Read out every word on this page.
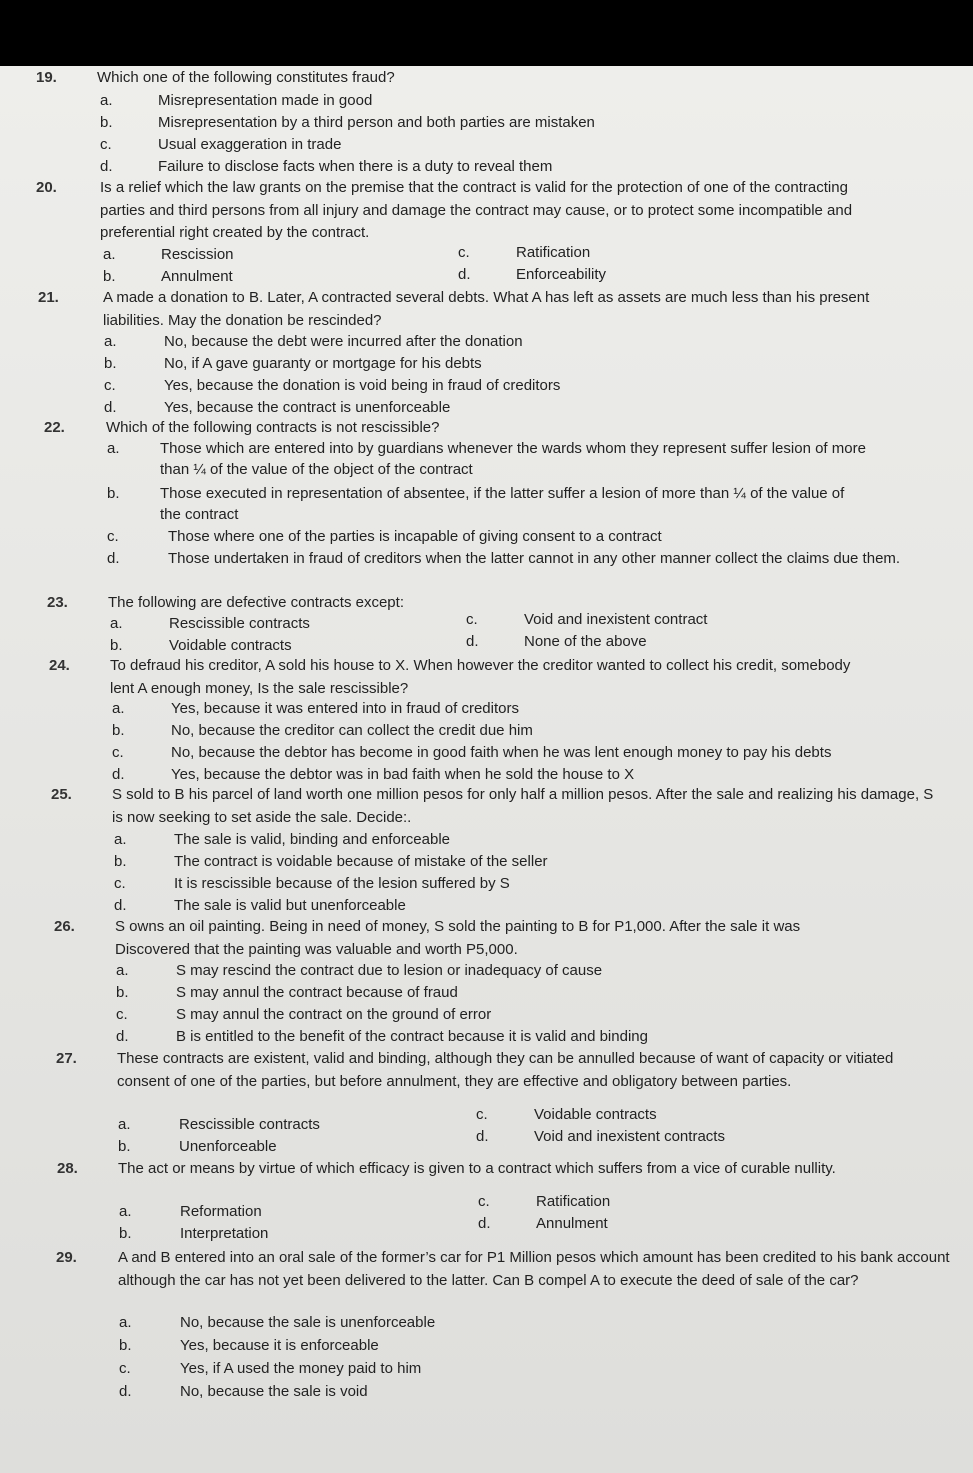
19.	Which one of the following constitutes fraud?
a.	Misrepresentation made in good
b.	Misrepresentation by a third person and both parties are mistaken
c.	Usual exaggeration in trade
d.	Failure to disclose facts when there is a duty to reveal them
20.	Is a relief which the law grants on the premise that the contract is valid for the protection of one of the contracting parties and third persons from all injury and damage the contract may cause, or to protect some incompatible and preferential right created by the contract.
a.	Rescission
b.	Annulment
c.	Ratification
d.	Enforceability
21.	A made a donation to B. Later, A contracted several debts. What A has left as assets are much less than his present liabilities. May the donation be rescinded?
a.	No, because the debt were incurred after the donation
b.	No, if A gave guaranty or mortgage for his debts
c.	Yes, because the donation is void being in fraud of creditors
d.	Yes, because the contract is unenforceable
22.	Which of the following contracts is not rescissible?
a.	Those which are entered into by guardians whenever the wards whom they represent suffer lesion of more than ¼ of the value of the object of the contract
b.	Those executed in representation of absentee, if the latter suffer a lesion of more than ¼ of the value of the contract
c.	Those where one of the parties is incapable of giving consent to a contract
d.	Those undertaken in fraud of creditors when the latter cannot in any other manner collect the claims due them.
23.	The following are defective contracts except:
a.	Rescissible contracts
b.	Voidable contracts
c.	Void and inexistent contract
d.	None of the above
24.	To defraud his creditor, A sold his house to X. When however the creditor wanted to collect his credit, somebody lent A enough money, Is the sale rescissible?
a.	Yes, because it was entered into in fraud of creditors
b.	No, because the creditor can collect the credit due him
c.	No, because the debtor has become in good faith when he was lent enough money to pay his debts
d.	Yes, because the debtor was in bad faith when he sold the house to X
25.	S sold to B his parcel of land worth one million pesos for only half a million pesos. After the sale and realizing his damage, S is now seeking to set aside the sale. Decide:.
a.	The sale is valid, binding and enforceable
b.	The contract is voidable because of mistake of the seller
c.	It is rescissible because of the lesion suffered by S
d.	The sale is valid but unenforceable
26.	S owns an oil painting. Being in need of money, S sold the painting to B for P1,000. After the sale it was Discovered that the painting was valuable and worth P5,000.
a.	S may rescind the contract due to lesion or inadequacy of cause
b.	S may annul the contract because of fraud
c.	S may annul the contract on the ground of error
d.	B is entitled to the benefit of the contract because it is valid and binding
27.	These contracts are existent, valid and binding, although they can be annulled because of want of capacity or vitiated consent of one of the parties, but before annulment, they are effective and obligatory between parties.
a.	Rescissible contracts
b.	Unenforceable
c.	Voidable contracts
d.	Void and inexistent contracts
28.	The act or means by virtue of which efficacy is given to a contract which suffers from a vice of curable nullity.
a.	Reformation
b.	Interpretation
c.	Ratification
d.	Annulment
29.	A and B entered into an oral sale of the former’s car for P1 Million pesos which amount has been credited to his bank account although the car has not yet been delivered to the latter. Can B compel A to execute the deed of sale of the car?
a.	No, because the sale is unenforceable
b.	Yes, because it is enforceable
c.	Yes, if A used the money paid to him
d.	No, because the sale is void
